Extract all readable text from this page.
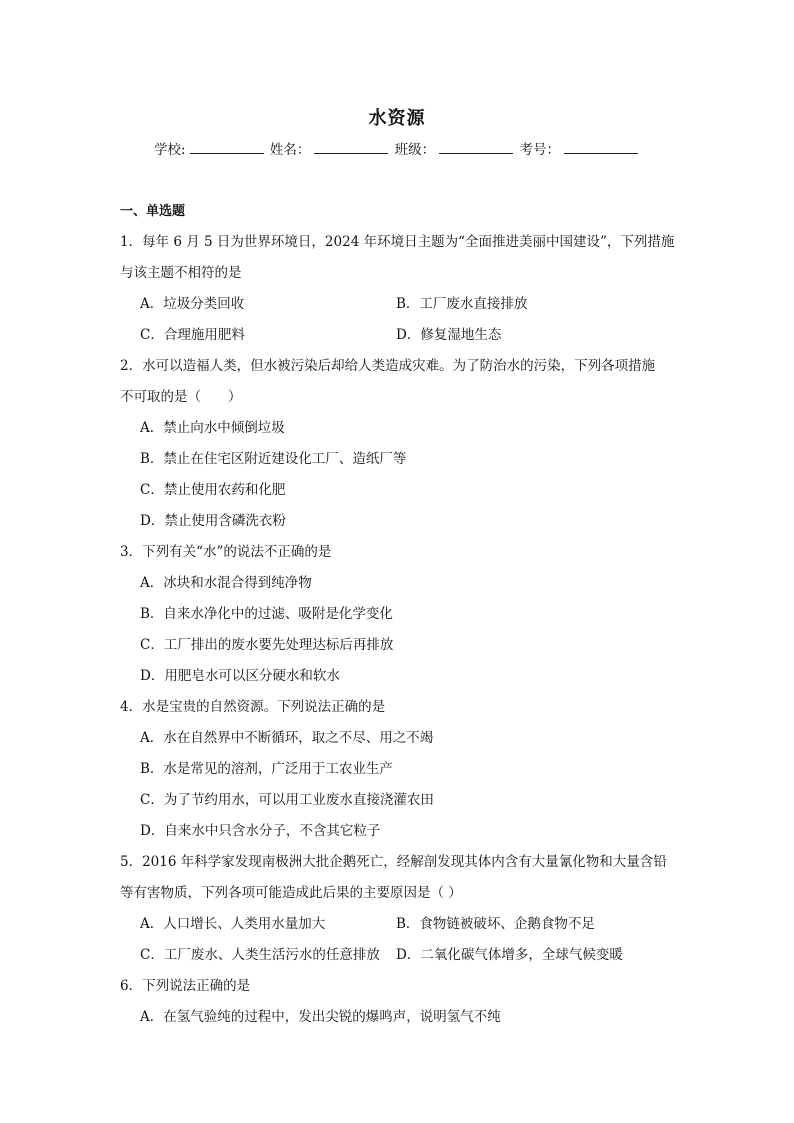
水资源
学校:	姓名：	班级：	考号：
一、单选题
1．每年 6 月 5 日为世界环境日，2024 年环境日主题为“全面推进美丽中国建设”，下列措施
与该主题不相符的是
A．垃圾分类回收	B．工厂废水直接排放
C．合理施用肥料	D．修复湿地生态
2．水可以造福人类，但水被污染后却给人类造成灾难。为了防治水的污染，下列各项措施
不可取的是（　　）
A．禁止向水中倾倒垃圾
B．禁止在住宅区附近建设化工厂、造纸厂等
C．禁止使用农药和化肥
D．禁止使用含磷洗衣粉
3．下列有关“水”的说法不正确的是
A．冰块和水混合得到纯净物
B．自来水净化中的过滤、吸附是化学变化
C．工厂排出的废水要先处理达标后再排放
D．用肥皂水可以区分硬水和软水
4．水是宝贵的自然资源。下列说法正确的是
A．水在自然界中不断循环，取之不尽、用之不竭
B．水是常见的溶剂，广泛用于工农业生产
C．为了节约用水，可以用工业废水直接浇灌农田
D．自来水中只含水分子，不含其它粒子
5．2016 年科学家发现南极洲大批企鹅死亡，经解剖发现其体内含有大量氰化物和大量含铅
等有害物质，下列各项可能造成此后果的主要原因是（ ）
A．人口增长、人类用水量加大	B．食物链被破坏、企鹅食物不足
C．工厂废水、人类生活污水的任意排放	D．二氧化碳气体增多，全球气候变暖
6．下列说法正确的是
A．在氢气验纯的过程中，发出尖锐的爆鸣声，说明氢气不纯
